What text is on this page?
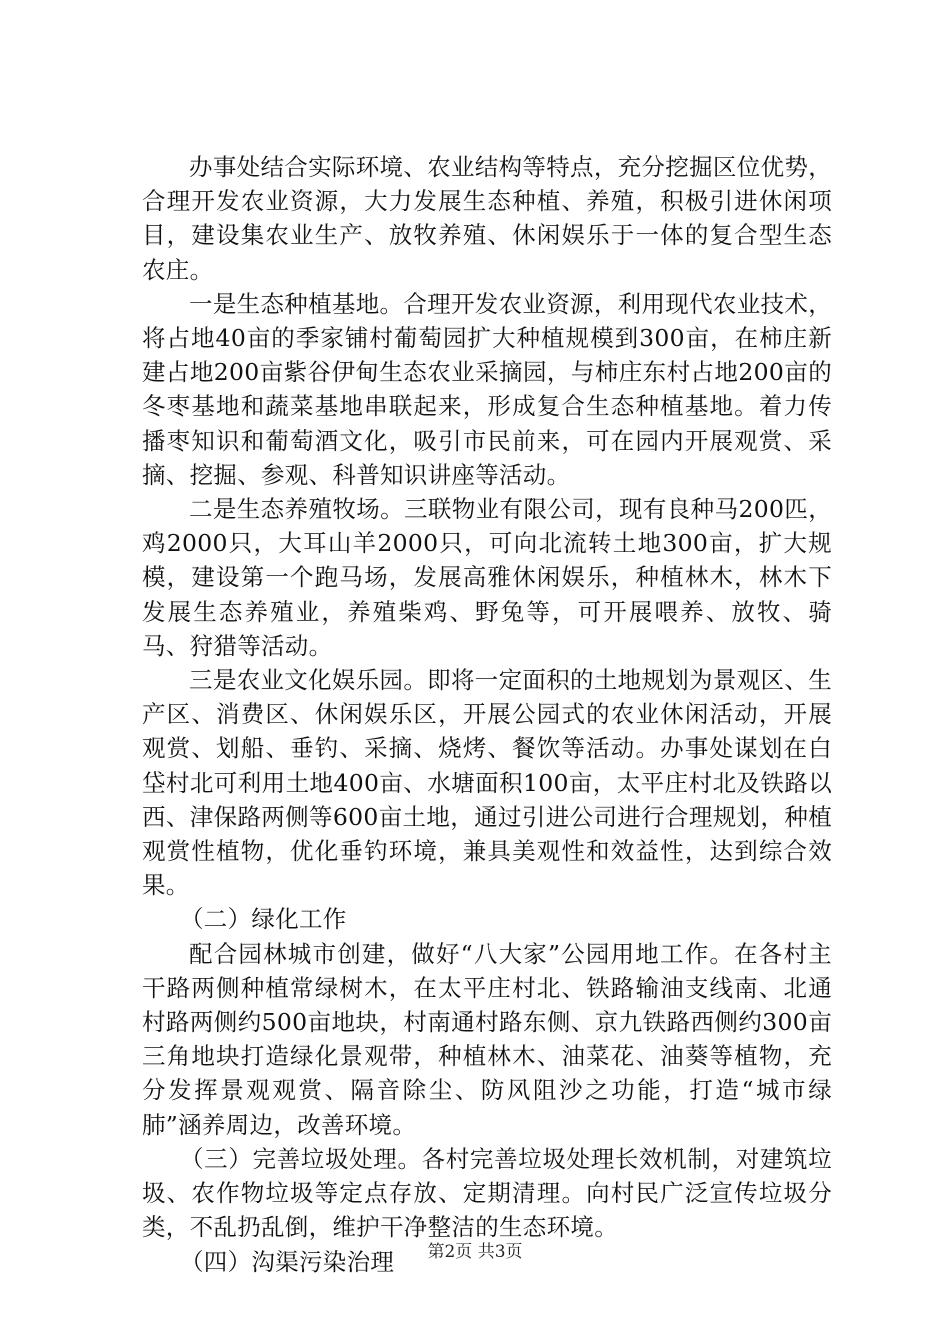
办事处结合实际环境、农业结构等特点，充分挖掘区位优势，合理开发农业资源，大力发展生态种植、养殖，积极引进休闲项目，建设集农业生产、放牧养殖、休闲娱乐于一体的复合型生态农庄。

一是生态种植基地。合理开发农业资源，利用现代农业技术，将占地40亩的季家铺村葡萄园扩大种植规模到300亩，在柿庄新建占地200亩紫谷伊甸生态农业采摘园，与柿庄东村占地200亩的冬枣基地和蔬菜基地串联起来，形成复合生态种植基地。着力传播枣知识和葡萄酒文化，吸引市民前来，可在园内开展观赏、采摘、挖掘、参观、科普知识讲座等活动。

二是生态养殖牧场。三联物业有限公司，现有良种马200匹，鸡2000只，大耳山羊2000只，可向北流转土地300亩，扩大规模，建设第一个跑马场，发展高雅休闲娱乐，种植林木，林木下发展生态养殖业，养殖柴鸡、野兔等，可开展喂养、放牧、骑马、狩猎等活动。

三是农业文化娱乐园。即将一定面积的土地规划为景观区、生产区、消费区、休闲娱乐区，开展公园式的农业休闲活动，开展观赏、划船、垂钓、采摘、烧烤、餐饮等活动。办事处谋划在白垈村北可利用土地400亩、水塘面积100亩，太平庄村北及铁路以西、津保路两侧等600亩土地，通过引进公司进行合理规划，种植观赏性植物，优化垂钓环境，兼具美观性和效益性，达到综合效果。

（二）绿化工作

配合园林城市创建，做好“八大家”公园用地工作。在各村主干路两侧种植常绿树木，在太平庄村北、铁路输油支线南、北通村路两侧约500亩地块，村南通村路东侧、京九铁路西侧约300亩三角地块打造绿化景观带，种植林木、油菜花、油葵等植物，充分发挥景观观赏、隔音除尘、防风阻沙之功能，打造“城市绿肺”涵养周边，改善环境。

（三）完善垃圾处理。各村完善垃圾处理长效机制，对建筑垃圾、农作物垃圾等定点存放、定期清理。向村民广泛宣传垃圾分类，不乱扔乱倒，维护干净整洁的生态环境。

（四）沟渠污染治理	第2页 共3页
